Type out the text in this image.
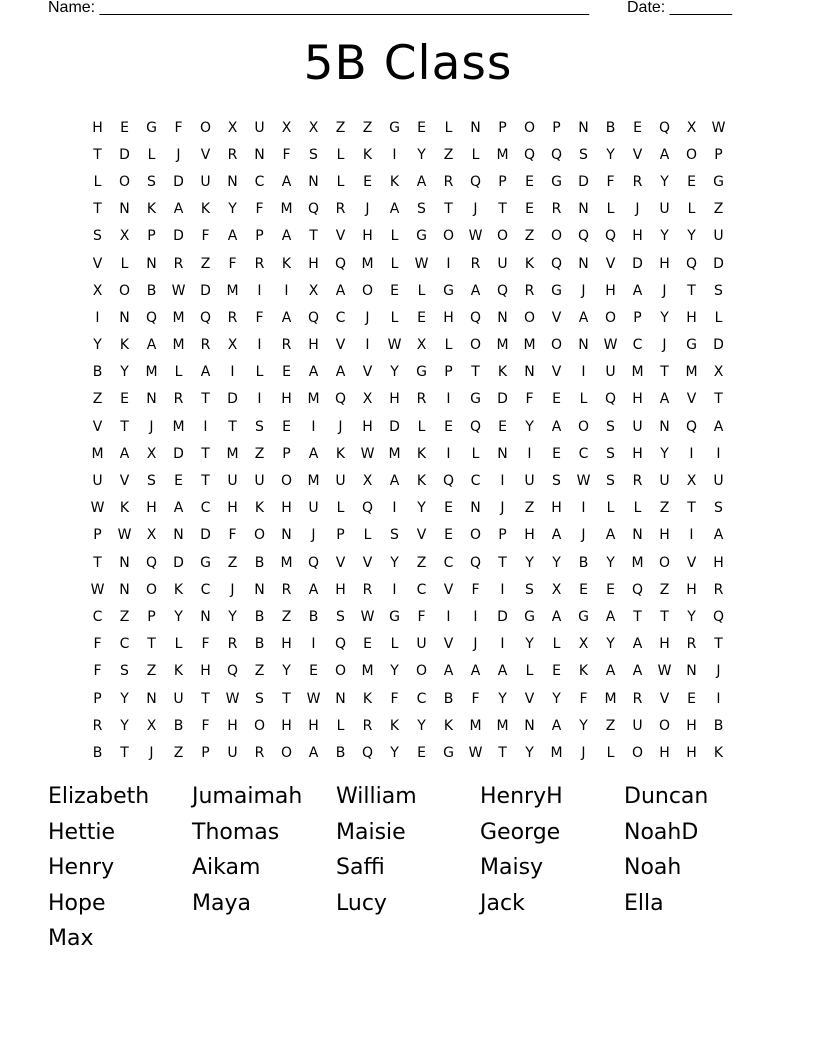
Name: _______________________________________________________ Date: _______
5B Class
H	E	G	F	O	X	U	X	X	Z	Z	G	E	L	N	P	O	P	N	B	E	Q	X	W
T	D	L	J	V	R	N	F	S	L	K	I	Y	Z	L	M	Q	Q	S	Y	V	A	O	P
L	O	S	D	U	N	C	A	N	L	E	K	A	R	Q	P	E	G	D	F	R	Y	E	G
T	N	K	A	K	Y	F	M	Q	R	J	A	S	T	J	T	E	R	N	L	J	U	L	Z
S	X	P	D	F	A	P	A	T	V	H	L	G	O	W	O	Z	O	Q	Q	H	Y	Y	U
V	L	N	R	Z	F	R	K	H	Q	M	L	W	I	R	U	K	Q	N	V	D	H	Q	D
X	O	B	W	D	M	I	I	X	A	O	E	L	G	A	Q	R	G	J	H	A	J	T	S
I	N	Q	M	Q	R	F	A	Q	C	J	L	E	H	Q	N	O	V	A	O	P	Y	H	L
Y	K	A	M	R	X	I	R	H	V	I	W	X	L	O	M	M	O	N	W	C	J	G	D
B	Y	M	L	A	I	L	E	A	A	V	Y	G	P	T	K	N	V	I	U	M	T	M	X
Z	E	N	R	T	D	I	H	M	Q	X	H	R	I	G	D	F	E	L	Q	H	A	V	T
V	T	J	M	I	T	S	E	I	J	H	D	L	E	Q	E	Y	A	O	S	U	N	Q	A
M	A	X	D	T	M	Z	P	A	K	W	M	K	I	L	N	I	E	C	S	H	Y	I	I
U	V	S	E	T	U	U	O	M	U	X	A	K	Q	C	I	U	S	W	S	R	U	X	U
W	K	H	A	C	H	K	H	U	L	Q	I	Y	E	N	J	Z	H	I	L	L	Z	T	S
P	W	X	N	D	F	O	N	J	P	L	S	V	E	O	P	H	A	J	A	N	H	I	A
T	N	Q	D	G	Z	B	M	Q	V	V	Y	Z	C	Q	T	Y	Y	B	Y	M	O	V	H
W	N	O	K	C	J	N	R	A	H	R	I	C	V	F	I	S	X	E	E	Q	Z	H	R
C	Z	P	Y	N	Y	B	Z	B	S	W	G	F	I	I	D	G	A	G	A	T	T	Y	Q
F	C	T	L	F	R	B	H	I	Q	E	L	U	V	J	I	Y	L	X	Y	A	H	R	T
F	S	Z	K	H	Q	Z	Y	E	O	M	Y	O	A	A	A	L	E	K	A	A	W	N	J
P	Y	N	U	T	W	S	T	W	N	K	F	C	B	F	Y	V	Y	F	M	R	V	E	I
R	Y	X	B	F	H	O	H	H	L	R	K	Y	K	M	M	N	A	Y	Z	U	O	H	B
B	T	J	Z	P	U	R	O	A	B	Q	Y	E	G	W	T	Y	M	J	L	O	H	H	K
Elizabeth	Jumaimah	William	HenryH	Duncan
Hettie	Thomas	Maisie	George	NoahD
Henry	Aikam	Saffi	Maisy	Noah
Hope	Maya	Lucy	Jack	Ella
Max
